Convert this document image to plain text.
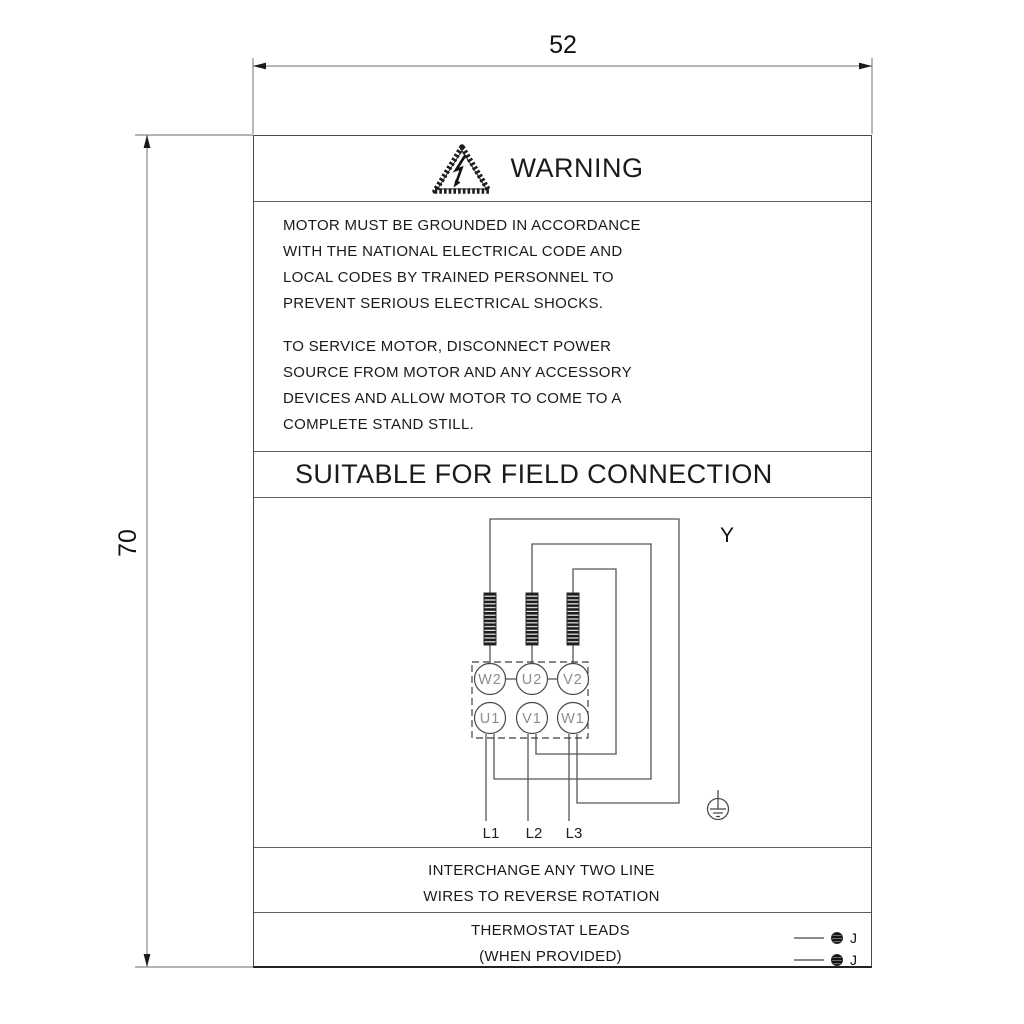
52
70
WARNING
MOTOR MUST BE GROUNDED IN ACCORDANCE
WITH THE NATIONAL ELECTRICAL CODE AND
LOCAL CODES BY TRAINED PERSONNEL TO
PREVENT SERIOUS ELECTRICAL SHOCKS.
TO SERVICE MOTOR, DISCONNECT POWER
SOURCE FROM MOTOR AND ANY ACCESSORY
DEVICES AND ALLOW MOTOR TO COME TO A
COMPLETE STAND STILL.
SUITABLE FOR FIELD CONNECTION
W2 U2 V2
U1 V1 W1
L1 L2 L3
Y
INTERCHANGE ANY TWO LINE
WIRES TO REVERSE ROTATION
THERMOSTAT LEADS
(WHEN PROVIDED)
J
J
